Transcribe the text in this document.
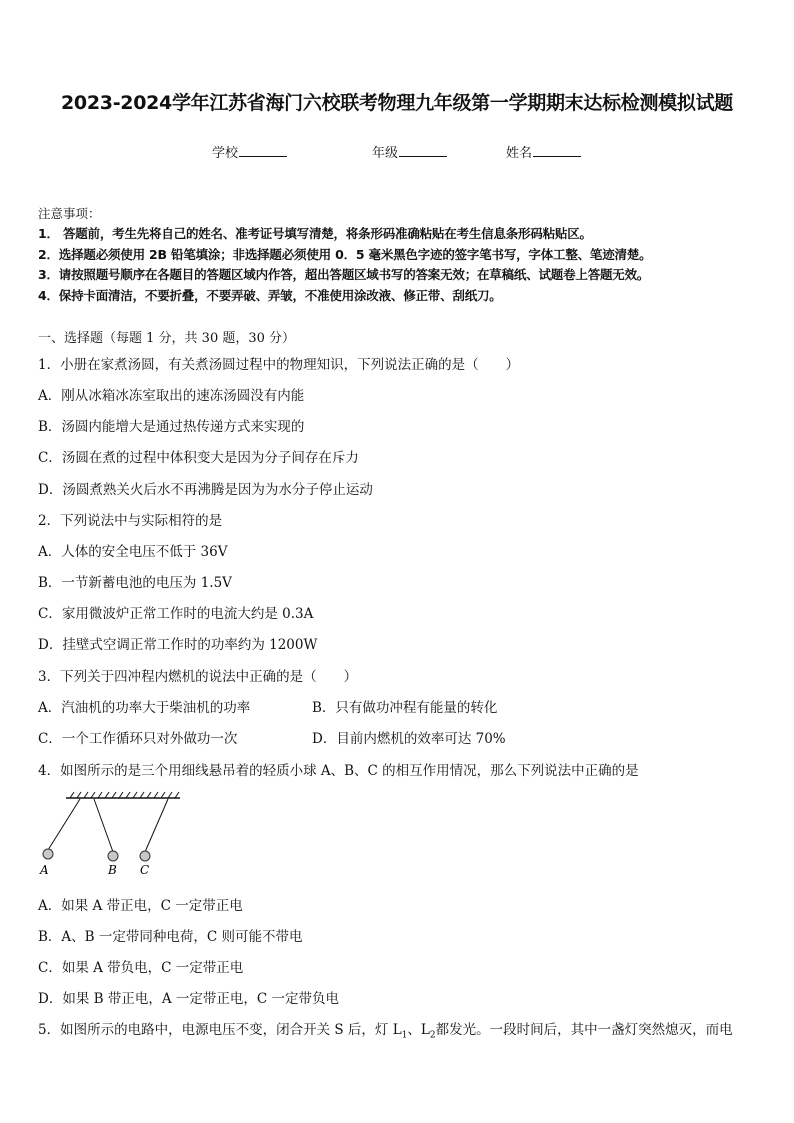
2023-2024学年江苏省海门六校联考物理九年级第一学期期末达标检测模拟试题
学校	年级	姓名
注意事项：
1． 答题前，考生先将自己的姓名、准考证号填写清楚，将条形码准确粘贴在考生信息条形码粘贴区。
2．选择题必须使用 2B 铅笔填涂；非选择题必须使用 0．5 毫米黑色字迹的签字笔书写，字体工整、笔迹清楚。
3．请按照题号顺序在各题目的答题区域内作答，超出答题区域书写的答案无效；在草稿纸、试题卷上答题无效。
4．保持卡面清洁，不要折叠，不要弄破、弄皱，不准使用涂改液、修正带、刮纸刀。
一、选择题（每题 1 分，共 30 题，30 分）
1．小册在家煮汤圆，有关煮汤圆过程中的物理知识，下列说法正确的是（　　）
A．刚从冰箱冰冻室取出的速冻汤圆没有内能
B．汤圆内能增大是通过热传递方式来实现的
C．汤圆在煮的过程中体积变大是因为分子间存在斥力
D．汤圆煮熟关火后水不再沸腾是因为为水分子停止运动
2．下列说法中与实际相符的是
A．人体的安全电压不低于 36V
B．一节新蓄电池的电压为 1.5V
C．家用微波炉正常工作时的电流大约是 0.3A
D．挂壁式空调正常工作时的功率约为 1200W
3．下列关于四冲程内燃机的说法中正确的是（　　）
A．汽油机的功率大于柴油机的功率	B．只有做功冲程有能量的转化
C．一个工作循环只对外做功一次	D．目前内燃机的效率可达 70%
4．如图所示的是三个用细线悬吊着的轻质小球 A、B、C 的相互作用情况，那么下列说法中正确的是
A	B C
A．如果 A 带正电，C 一定带正电
B．A、B 一定带同种电荷，C 则可能不带电
C．如果 A 带负电，C 一定带正电
D．如果 B 带正电，A 一定带正电，C 一定带负电
5．如图所示的电路中，电源电压不变，闭合开关 S 后，灯 $L_1$、$L_2$都发光。一段时间后，其中一盏灯突然熄灭，而电
